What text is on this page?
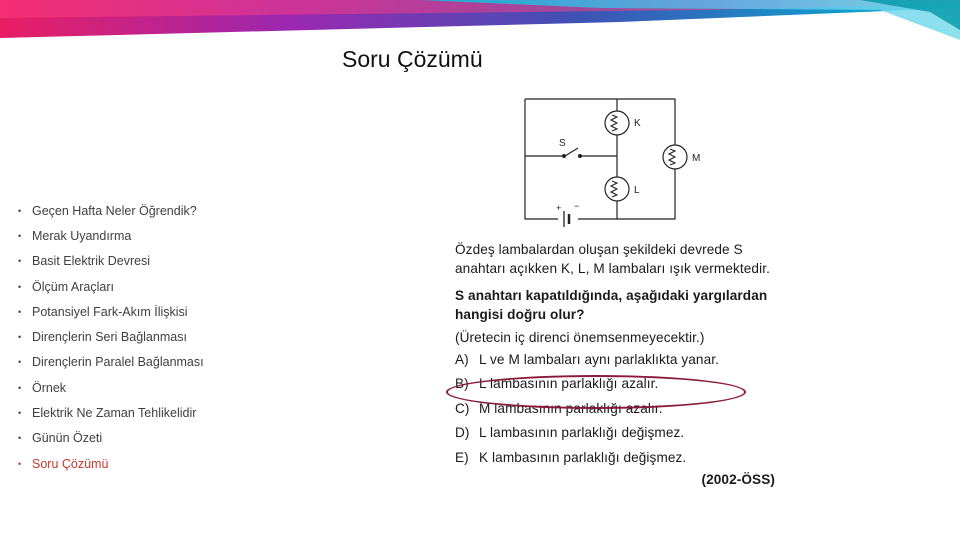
Soru Çözümü
• Geçen Hafta Neler Öğrendik?
• Merak Uyandırma
• Basit Elektrik Devresi
• Ölçüm Araçları
• Potansiyel Fark-Akım İlişkisi
• Dirençlerin Seri Bağlanması
• Dirençlerin Paralel Bağlanması
• Örnek
• Elektrik Ne Zaman Tehlikelidir
• Günün Özeti
• Soru Çözümü
K
L
M
S
+ −

Özdeş lambalardan oluşan şekildeki devrede S anahtarı açıkken K, L, M lambaları ışık vermektedir.

S anahtarı kapatıldığında, aşağıdaki yargılardan hangisi doğru olur?

(Üretecin iç direnci önemsenmeyecektir.)

A) L ve M lambaları aynı parlaklıkta yanar.
B) L lambasının parlaklığı azalır.
C) M lambasının parlaklığı azalır.
D) L lambasının parlaklığı değişmez.
E) K lambasının parlaklığı değişmez.

(2002-ÖSS)
